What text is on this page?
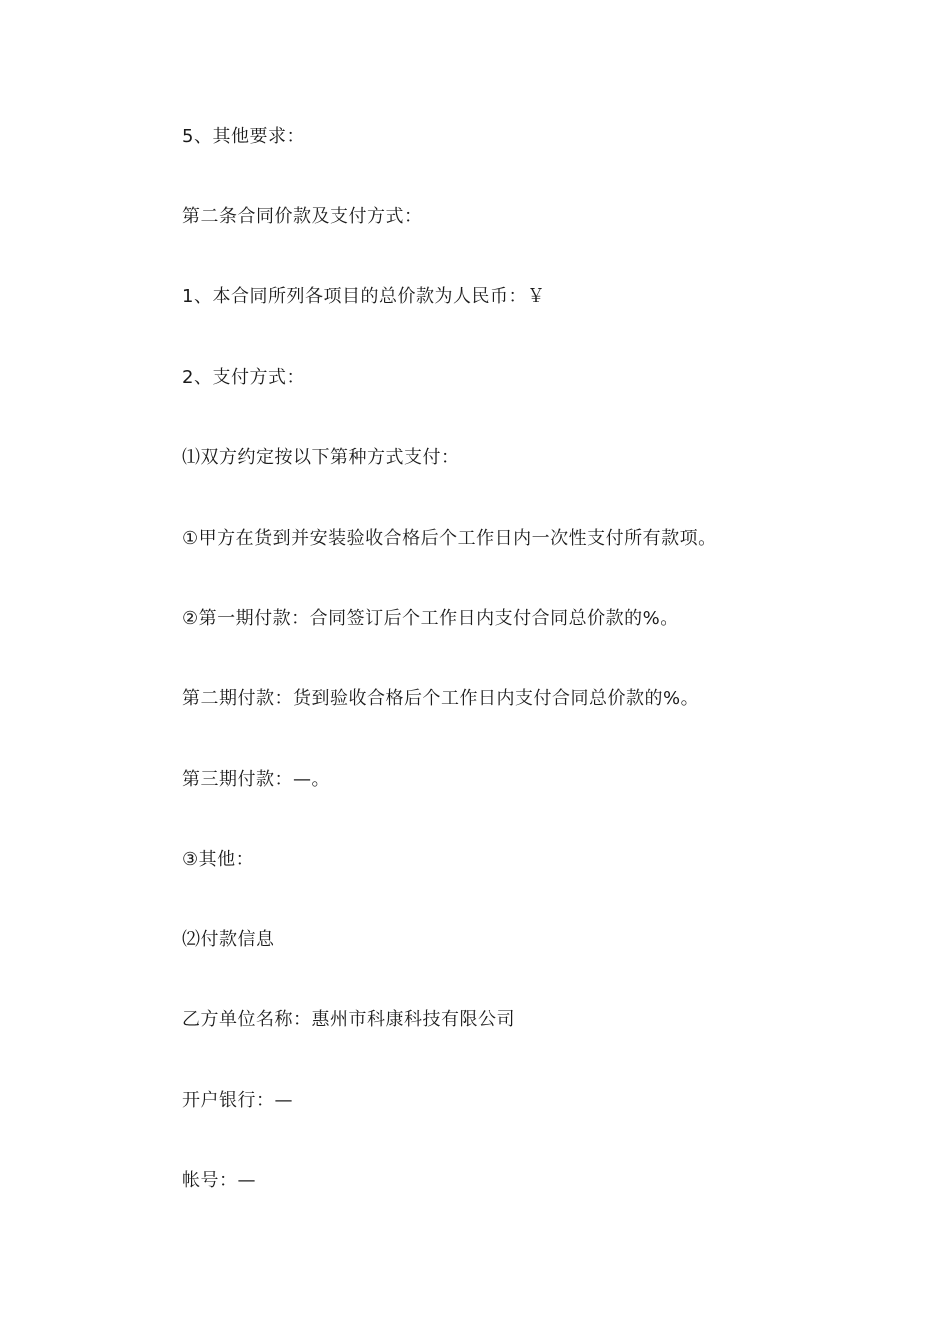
5、其他要求：
第二条合同价款及支付方式：
1、本合同所列各项目的总价款为人民币：￥
2、支付方式：
⑴双方约定按以下第种方式支付：
①甲方在货到并安装验收合格后个工作日内一次性支付所有款项。
②第一期付款：合同签订后个工作日内支付合同总价款的%。
第二期付款：货到验收合格后个工作日内支付合同总价款的%。
第三期付款：—。
③其他：
⑵付款信息
乙方单位名称：惠州市科康科技有限公司
开户银行：—
帐号：—
